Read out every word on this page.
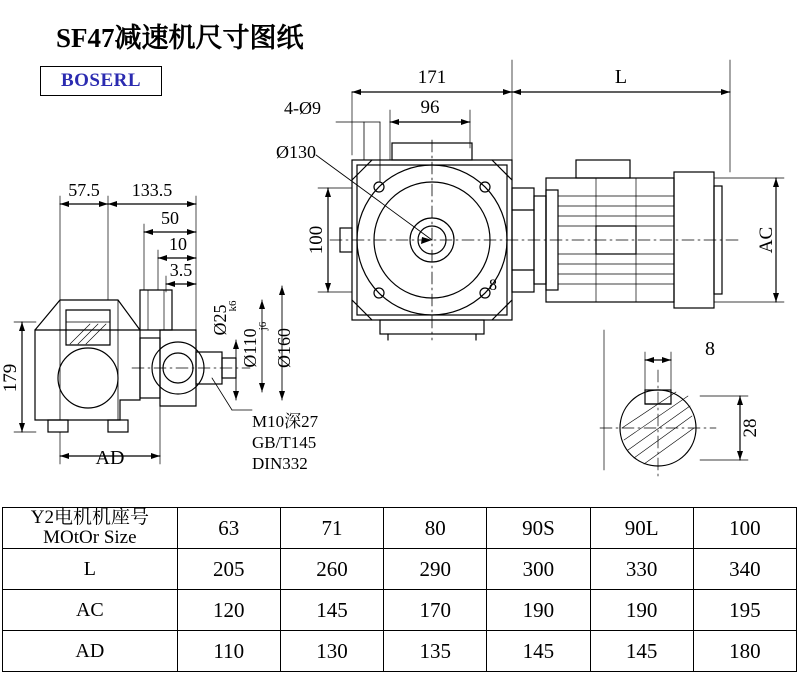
SF47减速机尺寸图纸
BOSERL	171	L
96
4-Ø9
Ø130
100	AC
57.5 133.5
50
10
3.5
Ø25
k6
Ø110
j6
Ø160
179
AD
M10深27
GB/T145
DIN332
8
28
8
Y2电机机座号
MOtOr Size	63	71	80	90S	90L	100
L	205	260	290	300	330	340
AC	120	145	170	190	190	195
AD	110	130	135	145	145	180
